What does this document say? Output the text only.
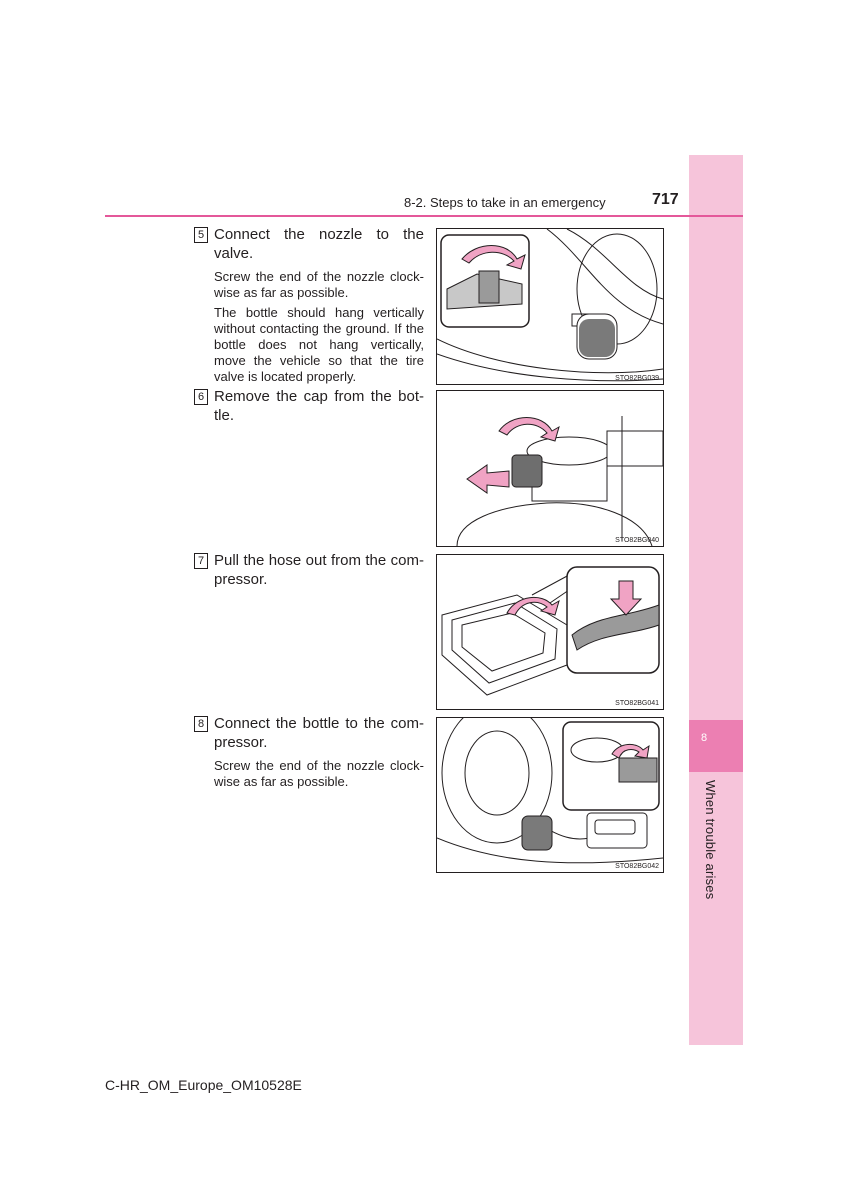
8
When trouble arises
8-2. Steps to take in an emergency	717
5 Connect the nozzle to the valve.

Screw the end of the nozzle clock-wise as far as possible.

The bottle should hang vertically without contacting the ground. If the bottle does not hang vertically, move the vehicle so that the tire valve is located properly.	STO82BG039
6 Remove the cap from the bot-tle.
STO82BG040
7 Pull the hose out from the com-pressor.
STO82BG041
8 Connect the bottle to the com-pressor.

Screw the end of the nozzle clock-wise as far as possible.

STO82BG042
C-HR_OM_Europe_OM10528E
